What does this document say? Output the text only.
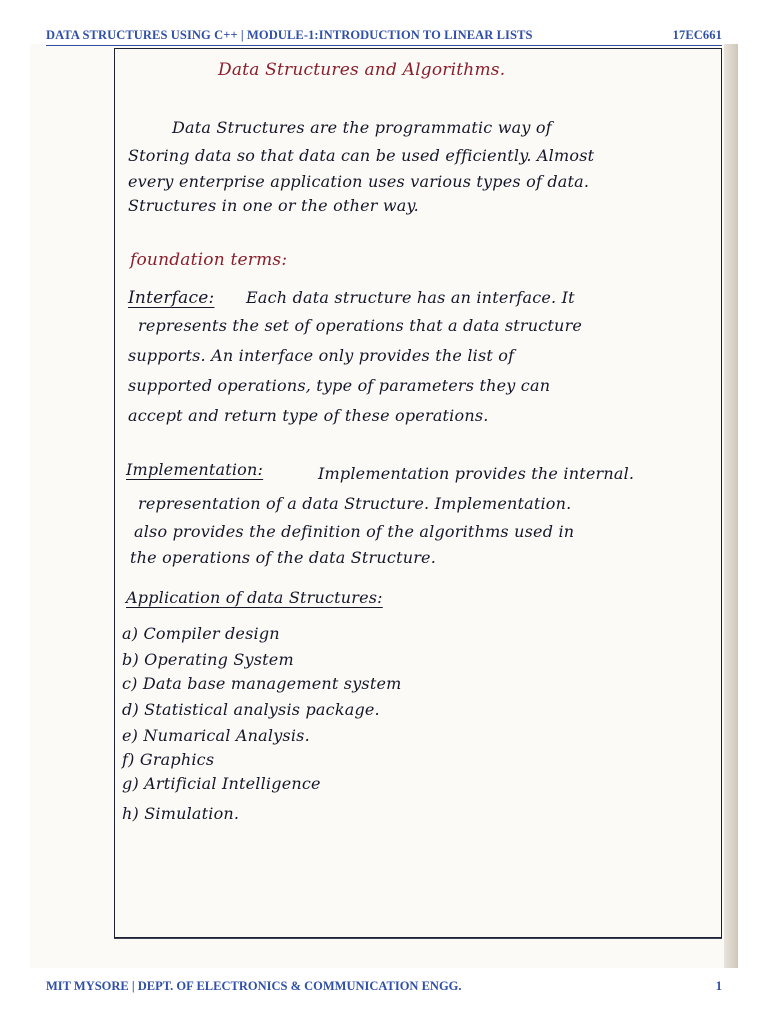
DATA STRUCTURES USING C++ | MODULE-1:INTRODUCTION TO LINEAR LISTS	17EC661
Data Structures and Algorithms.
Data Structures are the programmatic way of
Storing data so that data can be used efficiently. Almost
every enterprise application uses various types of data.
Structures in one or the other way.
foundation terms:
Interface: Each data structure has an interface. It
represents the set of operations that a data structure
supports. An interface only provides the list of
supported operations, type of parameters they can
accept and return type of these operations.
Implementation:	Implementation provides the internal.
representation of a data Structure. Implementation.
also provides the definition of the algorithms used in
the operations of the data Structure.
Application of data Structures:
a) Compiler design
b) Operating System
c) Data base management system
d) Statistical analysis package.
e) Numarical Analysis.
f) Graphics
g) Artificial Intelligence
h) Simulation.
MIT MYSORE | DEPT. OF ELECTRONICS & COMMUNICATION ENGG.	1
